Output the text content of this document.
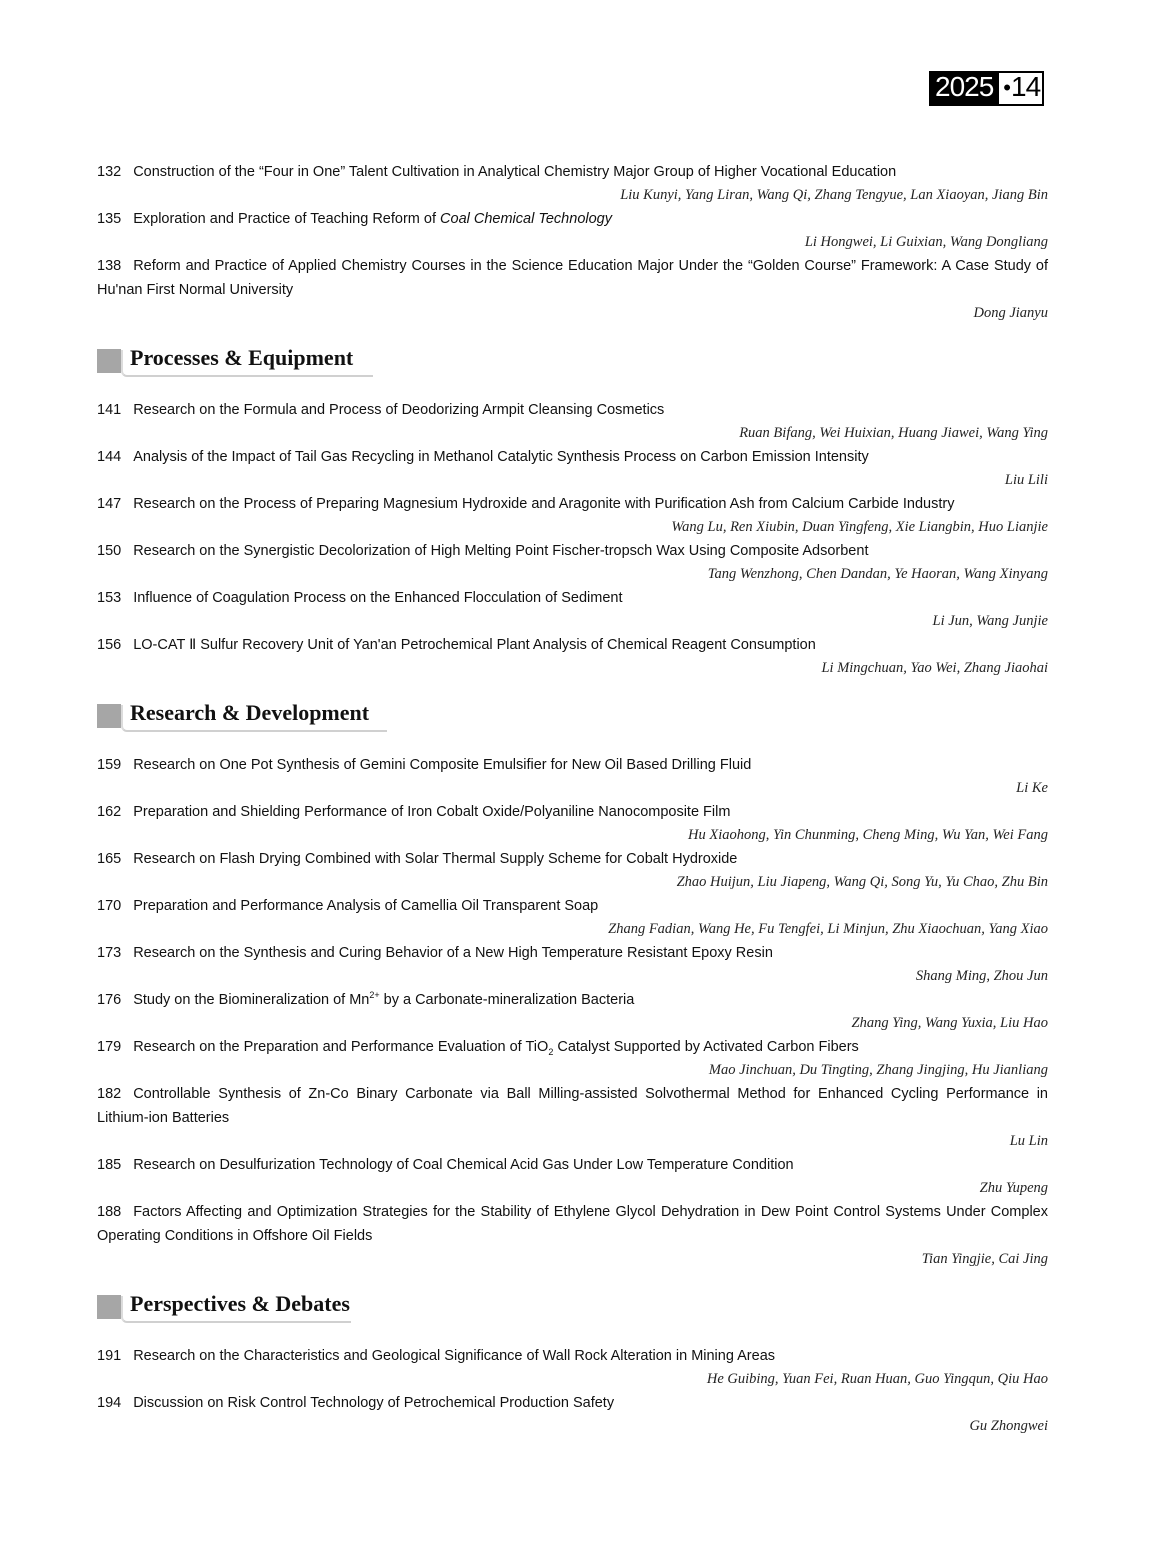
2025 •14
132 Construction of the “Four in One” Talent Cultivation in Analytical Chemistry Major Group of Higher Vocational Education
Liu Kunyi, Yang Liran, Wang Qi, Zhang Tengyue, Lan Xiaoyan, Jiang Bin
135 Exploration and Practice of Teaching Reform of Coal Chemical Technology
Li Hongwei, Li Guixian, Wang Dongliang
138 Reform and Practice of Applied Chemistry Courses in the Science Education Major Under the “Golden Course” Framework: A Case Study of Hu'nan First Normal University
Dong Jianyu
Processes & Equipment
141 Research on the Formula and Process of Deodorizing Armpit Cleansing Cosmetics
Ruan Bifang, Wei Huixian, Huang Jiawei, Wang Ying
144 Analysis of the Impact of Tail Gas Recycling in Methanol Catalytic Synthesis Process on Carbon Emission Intensity
Liu Lili
147 Research on the Process of Preparing Magnesium Hydroxide and Aragonite with Purification Ash from Calcium Carbide Industry
Wang Lu, Ren Xiubin, Duan Yingfeng, Xie Liangbin, Huo Lianjie
150 Research on the Synergistic Decolorization of High Melting Point Fischer-tropsch Wax Using Composite Adsorbent
Tang Wenzhong, Chen Dandan, Ye Haoran, Wang Xinyang
153 Influence of Coagulation Process on the Enhanced Flocculation of Sediment
Li Jun, Wang Junjie
156 LO-CAT Ⅱ Sulfur Recovery Unit of Yan'an Petrochemical Plant Analysis of Chemical Reagent Consumption
Li Mingchuan, Yao Wei, Zhang Jiaohai
Research & Development
159 Research on One Pot Synthesis of Gemini Composite Emulsifier for New Oil Based Drilling Fluid
Li Ke
162 Preparation and Shielding Performance of Iron Cobalt Oxide/Polyaniline Nanocomposite Film
Hu Xiaohong, Yin Chunming, Cheng Ming, Wu Yan, Wei Fang
165 Research on Flash Drying Combined with Solar Thermal Supply Scheme for Cobalt Hydroxide
Zhao Huijun, Liu Jiapeng, Wang Qi, Song Yu, Yu Chao, Zhu Bin
170 Preparation and Performance Analysis of Camellia Oil Transparent Soap
Zhang Fadian, Wang He, Fu Tengfei, Li Minjun, Zhu Xiaochuan, Yang Xiao
173 Research on the Synthesis and Curing Behavior of a New High Temperature Resistant Epoxy Resin
Shang Ming, Zhou Jun
176 Study on the Biomineralization of $Mn^{2+}$ by a Carbonate-mineralization Bacteria
Zhang Ying, Wang Yuxia, Liu Hao
179 Research on the Preparation and Performance Evaluation of TiO$_2$ Catalyst Supported by Activated Carbon Fibers
Mao Jinchuan, Du Tingting, Zhang Jingjing, Hu Jianliang
182 Controllable Synthesis of Zn-Co Binary Carbonate via Ball Milling-assisted Solvothermal Method for Enhanced Cycling Performance in Lithium-ion Batteries
Lu Lin
185 Research on Desulfurization Technology of Coal Chemical Acid Gas Under Low Temperature Condition
Zhu Yupeng
188 Factors Affecting and Optimization Strategies for the Stability of Ethylene Glycol Dehydration in Dew Point Control Systems Under Complex Operating Conditions in Offshore Oil Fields
Tian Yingjie, Cai Jing
Perspectives & Debates
191 Research on the Characteristics and Geological Significance of Wall Rock Alteration in Mining Areas
He Guibing, Yuan Fei, Ruan Huan, Guo Yingqun, Qiu Hao
194 Discussion on Risk Control Technology of Petrochemical Production Safety
Gu Zhongwei
